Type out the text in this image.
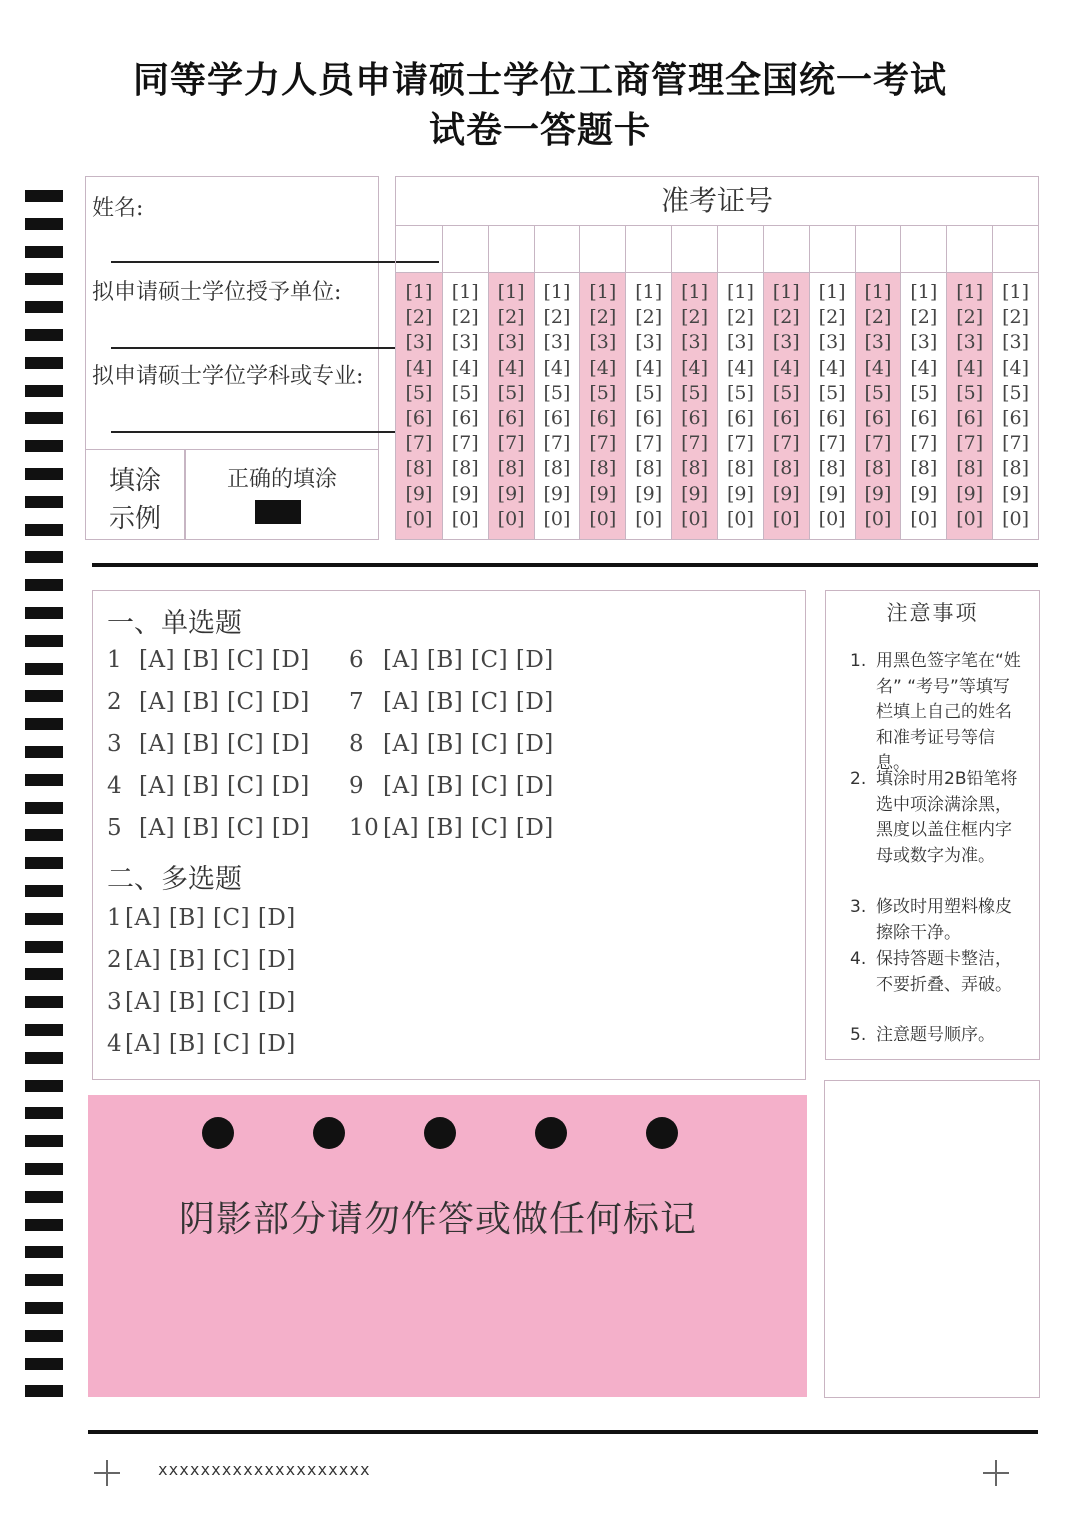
同等学力人员申请硕士学位工商管理全国统一考试
试卷一答题卡
姓名:
拟申请硕士学位授予单位:
拟申请硕士学位学科或专业:
填涂
示例
正确的填涂
准考证号
[1]
[2]
[3]
[4]
[5]
[6]
[7]
[8]
[9]
[0]
[1]
[2]
[3]
[4]
[5]
[6]
[7]
[8]
[9]
[0]
[1]
[2]
[3]
[4]
[5]
[6]
[7]
[8]
[9]
[0]
[1]
[2]
[3]
[4]
[5]
[6]
[7]
[8]
[9]
[0]
[1]
[2]
[3]
[4]
[5]
[6]
[7]
[8]
[9]
[0]
[1]
[2]
[3]
[4]
[5]
[6]
[7]
[8]
[9]
[0]
[1]
[2]
[3]
[4]
[5]
[6]
[7]
[8]
[9]
[0]
[1]
[2]
[3]
[4]
[5]
[6]
[7]
[8]
[9]
[0]
[1]
[2]
[3]
[4]
[5]
[6]
[7]
[8]
[9]
[0]
[1]
[2]
[3]
[4]
[5]
[6]
[7]
[8]
[9]
[0]
[1]
[2]
[3]
[4]
[5]
[6]
[7]
[8]
[9]
[0]
[1]
[2]
[3]
[4]
[5]
[6]
[7]
[8]
[9]
[0]
[1]
[2]
[3]
[4]
[5]
[6]
[7]
[8]
[9]
[0]
[1]
[2]
[3]
[4]
[5]
[6]
[7]
[8]
[9]
[0]
一、单选题
1 [A] [B] [C] [D]
2 [A] [B] [C] [D]
3 [A] [B] [C] [D]
4 [A] [B] [C] [D]
5 [A] [B] [C] [D]
6 [A] [B] [C] [D]
7 [A] [B] [C] [D]
8 [A] [B] [C] [D]
9 [A] [B] [C] [D]
10 [A] [B] [C] [D]
二、多选题
1 [A] [B] [C] [D]
2 [A] [B] [C] [D]
3 [A] [B] [C] [D]
4 [A] [B] [C] [D]
注意事项
1. 用黑色签字笔在“姓名” “考号”等填写栏填上自己的姓名和准考证号等信息。
2. 填涂时用2B铅笔将选中项涂满涂黑，黑度以盖住框内字母或数字为准。
3. 修改时用塑料橡皮擦除干净。
4. 保持答题卡整洁，不要折叠、弄破。
5. 注意题号顺序。
阴影部分请勿作答或做任何标记
xxxxxxxxxxxxxxxxxxxx
